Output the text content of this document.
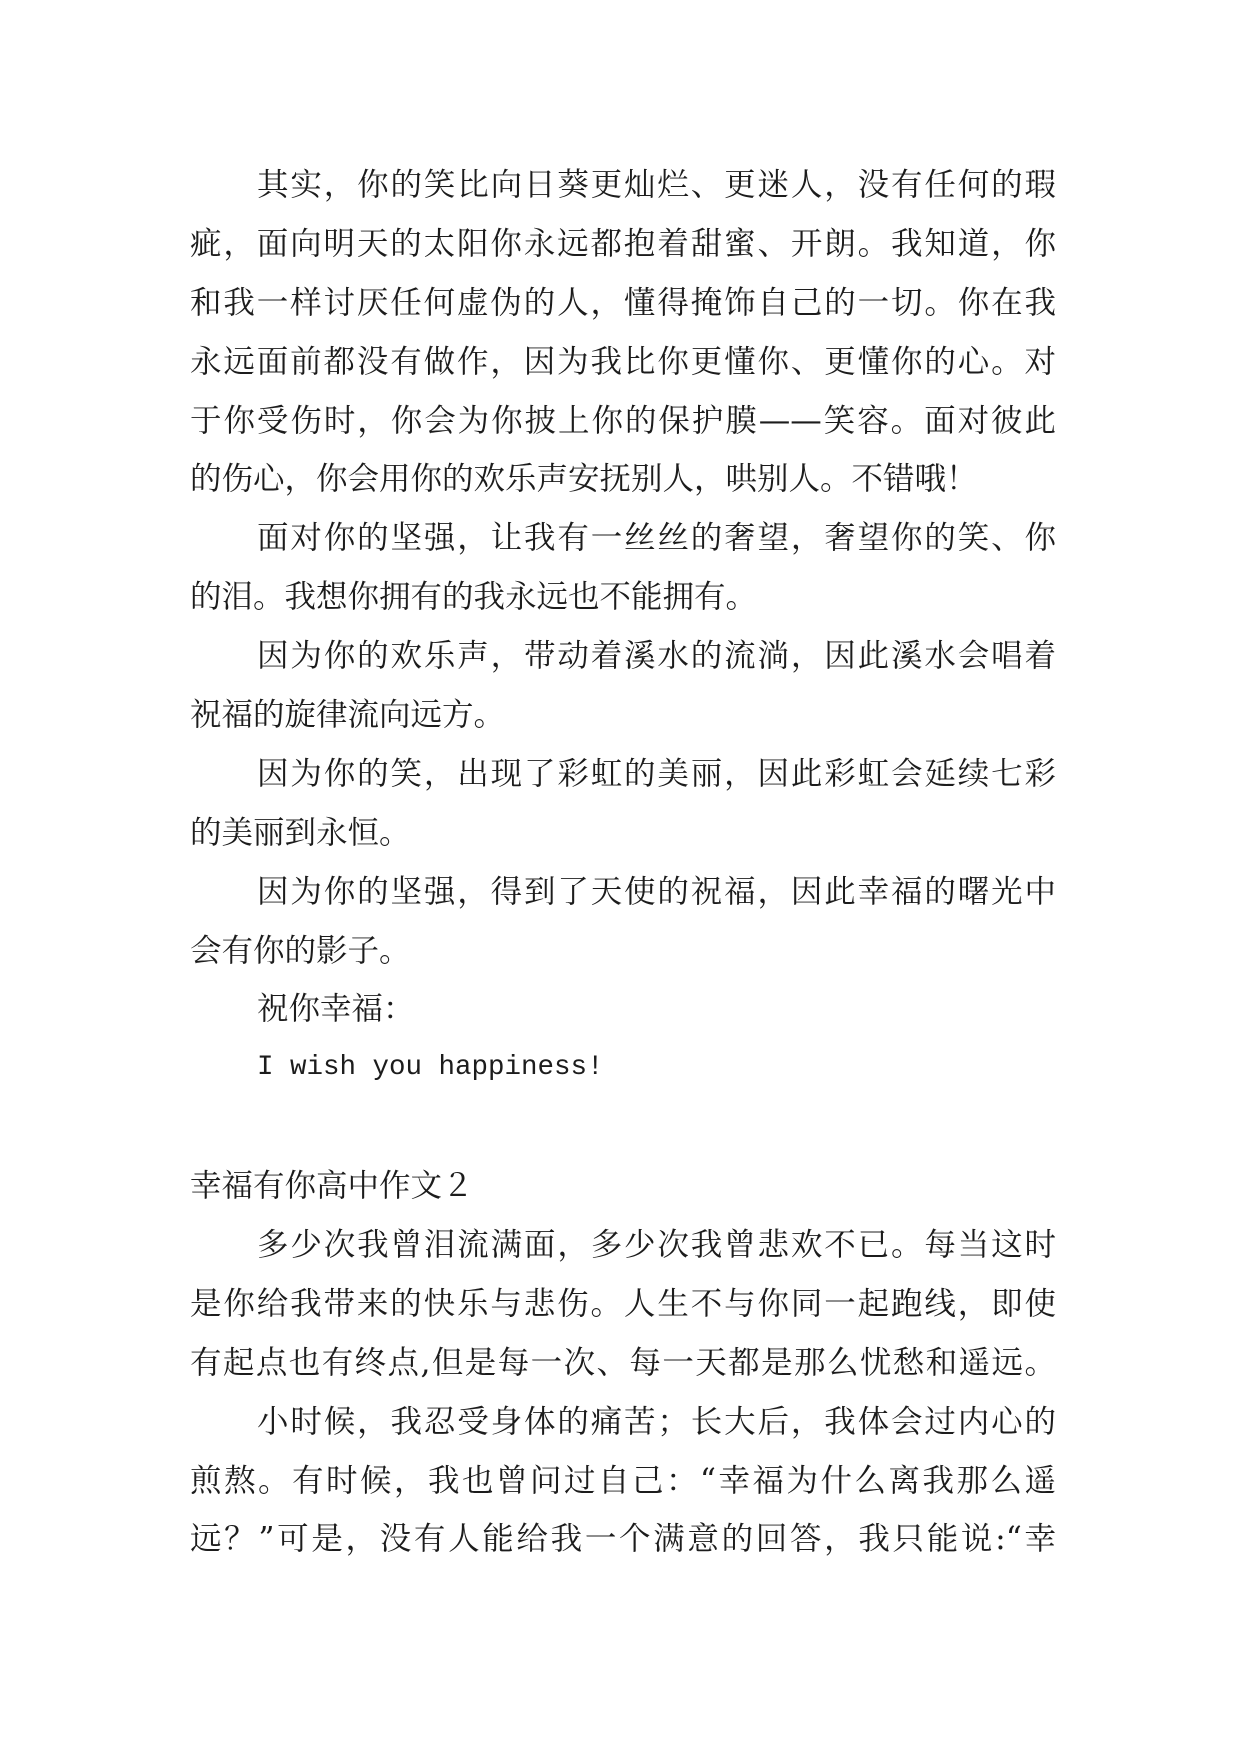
其实，你的笑比向日葵更灿烂、更迷人，没有任何的瑕
疵，面向明天的太阳你永远都抱着甜蜜、开朗。我知道，你
和我一样讨厌任何虚伪的人，懂得掩饰自己的一切。你在我
永远面前都没有做作，因为我比你更懂你、更懂你的心。对
于你受伤时，你会为你披上你的保护膜——笑容。面对彼此
的伤心，你会用你的欢乐声安抚别人，哄别人。不错哦！
面对你的坚强，让我有一丝丝的奢望，奢望你的笑、你
的泪。我想你拥有的我永远也不能拥有。
因为你的欢乐声，带动着溪水的流淌，因此溪水会唱着
祝福的旋律流向远方。
因为你的笑，出现了彩虹的美丽，因此彩虹会延续七彩
的美丽到永恒。
因为你的坚强，得到了天使的祝福，因此幸福的曙光中
会有你的影子。
祝你幸福：
I wish you happiness!
幸福有你高中作文２
多少次我曾泪流满面，多少次我曾悲欢不已。每当这时
是你给我带来的快乐与悲伤。人生不与你同一起跑线，即使
有起点也有终点,但是每一次、每一天都是那么忧愁和遥远。
小时候，我忍受身体的痛苦；长大后，我体会过内心的
煎熬。有时候，我也曾问过自己：“幸福为什么离我那么遥
远？”可是，没有人能给我一个满意的回答，我只能说:“幸
